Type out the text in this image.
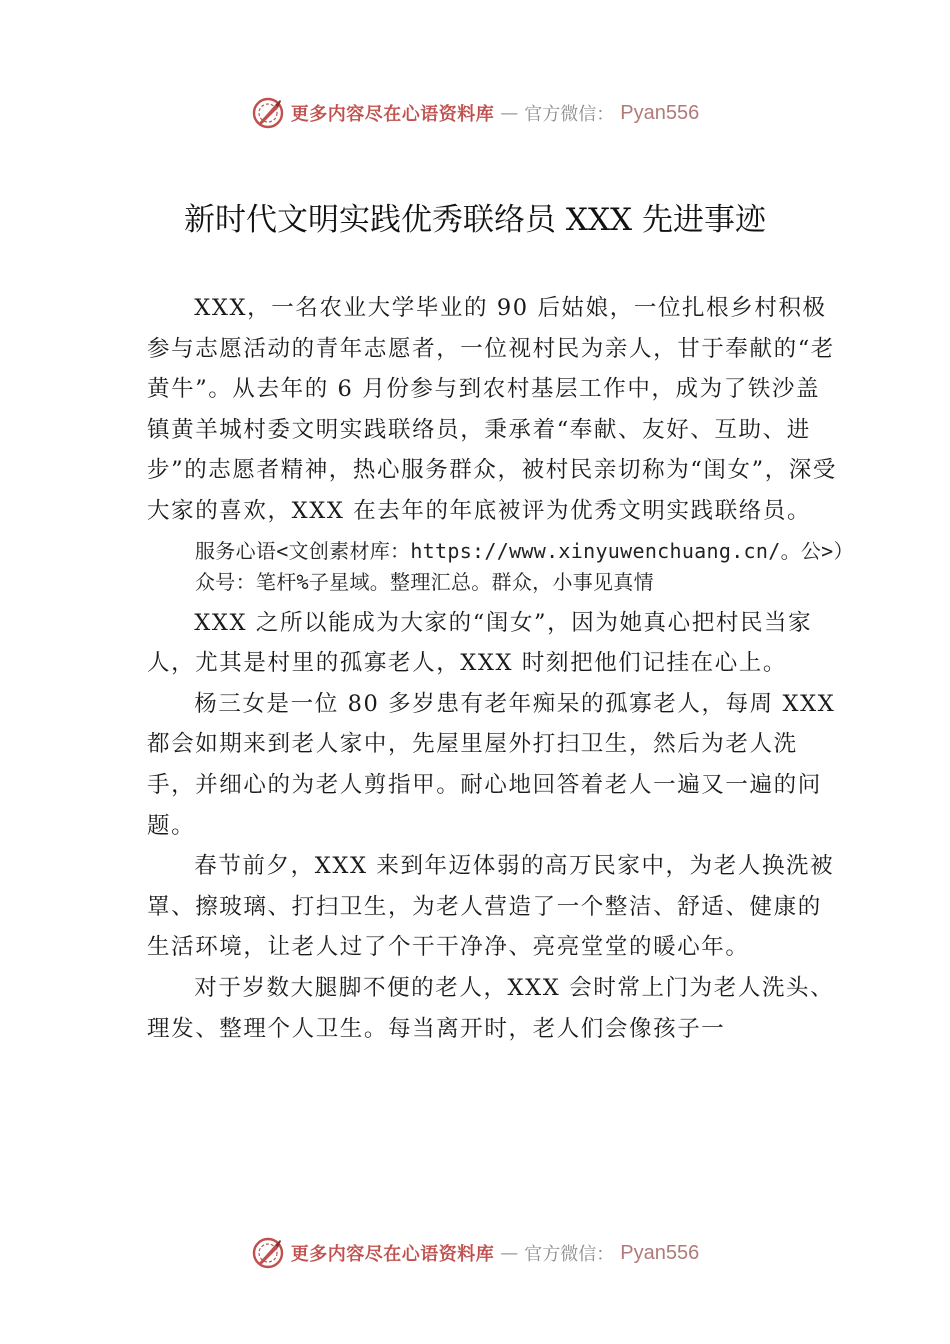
更多内容尽在心语资料库 — 官方微信： Pyan556
新时代文明实践优秀联络员 XXX 先进事迹

XXX，一名农业大学毕业的 90 后姑娘，一位扎根乡村积极参与志愿活动的青年志愿者，一位视村民为亲人，甘于奉献的“老黄牛”。从去年的 6 月份参与到农村基层工作中，成为了铁沙盖镇黄羊城村委文明实践联络员，秉承着“奉献、友好、互助、进步”的志愿者精神，热心服务群众，被村民亲切称为“闺女”，深受大家的喜欢，XXX 在去年的年底被评为优秀文明实践联络员。

服务心语<文创素材库：https://www.xinyuwenchuang.cn/。公>）众号：笔杆%子星域。整理汇总。群众，小事见真情

XXX 之所以能成为大家的“闺女”，因为她真心把村民当家人，尤其是村里的孤寡老人，XXX 时刻把他们记挂在心上。

杨三女是一位 80 多岁患有老年痴呆的孤寡老人，每周 XXX 都会如期来到老人家中，先屋里屋外打扫卫生，然后为老人洗手，并细心的为老人剪指甲。耐心地回答着老人一遍又一遍的问题。

春节前夕，XXX 来到年迈体弱的高万民家中，为老人换洗被罩、擦玻璃、打扫卫生，为老人营造了一个整洁、舒适、健康的生活环境，让老人过了个干干净净、亮亮堂堂的暖心年。

对于岁数大腿脚不便的老人，XXX 会时常上门为老人洗头、理发、整理个人卫生。每当离开时，老人们会像孩子一

更多内容尽在心语资料库 — 官方微信： Pyan556
